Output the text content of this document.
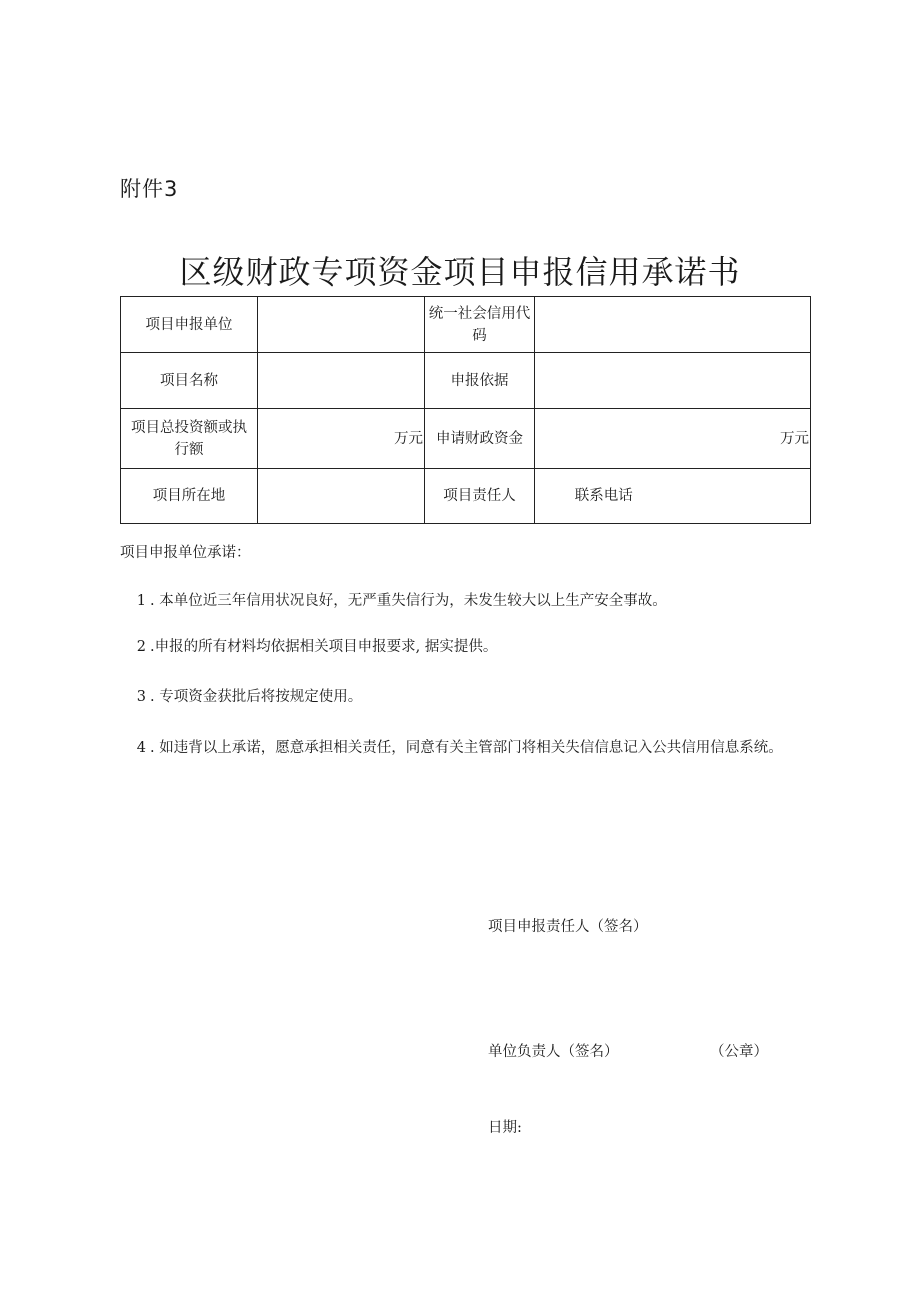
附件3
区级财政专项资金项目申报信用承诺书
项目申报单位		统一社会信用代码		
项目名称		申报依据		
项目总投资额或执行额	万元	申请财政资金	万元	
项目所在地		项目责任人	联系电话	
项目申报单位承诺：
1 . 本单位近三年信用状况良好，无严重失信行为，未发生较大以上生产安全事故。
2 .申报的所有材料均依据相关项目申报要求, 据实提供。
3 . 专项资金获批后将按规定使用。
4 . 如违背以上承诺，愿意承担相关责任，同意有关主管部门将相关失信信息记入公共信用信息系统。
项目申报责任人（签名）
单位负责人（签名）	（公章）
日期:
